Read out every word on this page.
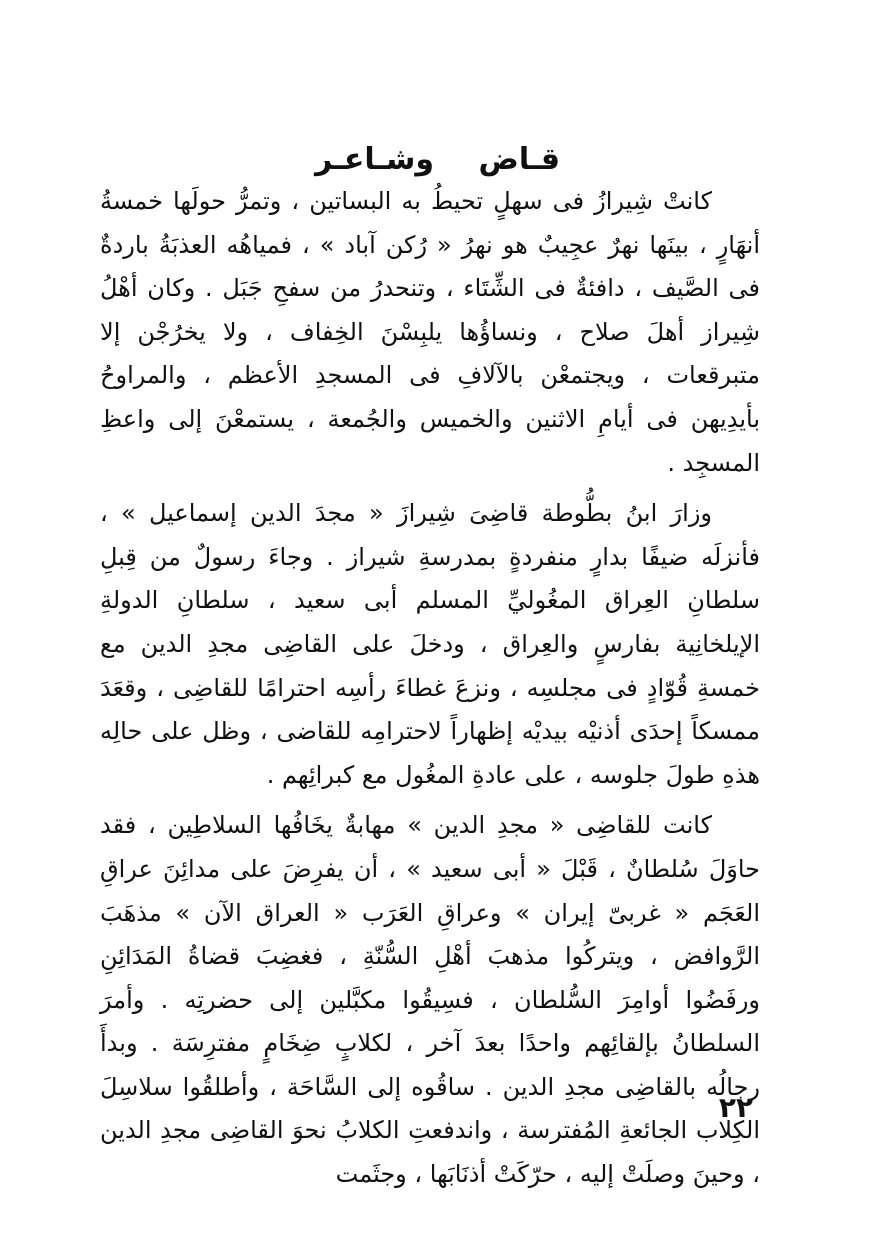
قـاض وشـاعـر

كانتْ شِيرازُ فى سهلٍ تحيطُ به البساتين ، وتمرُّ حولَها خمسةُ أنهَارٍ ، بينَها نهرٌ عجِيبٌ هو نهرُ « رُكن آباد » ، فمياهُه العذبَةُ باردةٌ فى الصَّيف ، دافئةٌ فى الشِّتَاء ، وتنحدرُ من سفحِ جَبَل . وكان أهْلُ شِيراز أهلَ صلاح ، ونساؤُها يلبِسْنَ الخِفاف ، ولا يخرُجْن إلا متبرقعات ، ويجتمعْن بالآلافِ فى المسجدِ الأعظم ، والمراوحُ بأيدِيهن فى أيامِ الاثنين والخميس والجُمعة ، يستمعْنَ إلى واعظِ المسجِد .

وزارَ ابنُ بطُّوطة قاضِىَ شِيرازَ « مجدَ الدين إسماعيل » ، فأنزلَه ضيفًا بدارٍ منفردةٍ بمدرسةِ شيراز . وجاءَ رسولٌ من قِبلِ سلطانِ العِراق المغُوليِّ المسلم أبى سعيد ، سلطانِ الدولةِ الإيلخانِية بفارسٍ والعِراق ، ودخلَ على القاضِى مجدِ الدين مع خمسةِ قُوّادٍ فى مجلسِه ، ونزعَ غطاءَ رأسِه احترامًا للقاضِى ، وقعَدَ ممسكاً إحدَى أذنيْه بيديْه إظهاراً لاحترامِه للقاضى ، وظل على حالِه هذهِ طولَ جلوسه ، على عادةِ المغُول مع كبرائِهم .

كانت للقاضِى « مجدِ الدين » مهابةٌ يخَافُها السلاطِين ، فقد حاوَلَ سُلطانٌ ، قَبْلَ « أبى سعيد » ، أن يفرِضَ على مدائِنَ عراقِ العَجَم « غربىّ إيران » وعراقِ العَرَب « العراق الآن » مذهَبَ الرَّوافض ، ويتركُوا مذهبَ أهْلِ السُّنّةِ ، فغضِبَ قضاةُ المَدَائِنِ ورفَضُوا أوامِرَ السُّلطان ، فسِيقُوا مكبَّلين إلى حضرتِه . وأمرَ السلطانُ بإلقائِهم واحدًا بعدَ آخر ، لكلابٍ ضِخَامٍ مفترِسَة . وبدأَ رجالُه بالقاضِى مجدِ الدين . ساقُوه إلى السَّاحَة ، وأطلقُوا سلاسِلَ الكِلاب الجائعةِ المُفترسة ، واندفعتِ الكلابُ نحوَ القاضِى مجدِ الدين ، وحينَ وصلَتْ إليه ، حرّكَتْ أذنَابَها ، وجثَمت

٢٢
